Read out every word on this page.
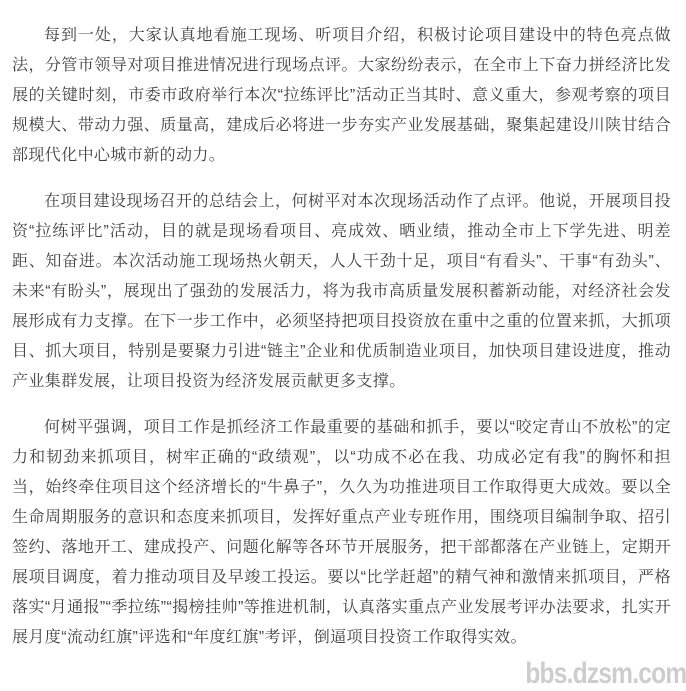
每到一处，大家认真地看施工现场、听项目介绍，积极讨论项目建设中的特色亮点做法，分管市领导对项目推进情况进行现场点评。大家纷纷表示，在全市上下奋力拼经济比发展的关键时刻，市委市政府举行本次“拉练评比”活动正当其时、意义重大，参观考察的项目规模大、带动力强、质量高，建成后必将进一步夯实产业发展基础，聚集起建设川陕甘结合部现代化中心城市新的动力。

在项目建设现场召开的总结会上，何树平对本次现场活动作了点评。他说，开展项目投资“拉练评比”活动，目的就是现场看项目、亮成效、晒业绩，推动全市上下学先进、明差距、知奋进。本次活动施工现场热火朝天，人人干劲十足，项目“有看头”、干事“有劲头”、未来“有盼头”，展现出了强劲的发展活力，将为我市高质量发展积蓄新动能，对经济社会发展形成有力支撑。在下一步工作中，必须坚持把项目投资放在重中之重的位置来抓，大抓项目、抓大项目，特别是要聚力引进“链主”企业和优质制造业项目，加快项目建设进度，推动产业集群发展，让项目投资为经济发展贡献更多支撑。

何树平强调，项目工作是抓经济工作最重要的基础和抓手，要以“咬定青山不放松”的定力和韧劲来抓项目，树牢正确的“政绩观”，以“功成不必在我、功成必定有我”的胸怀和担当，始终牵住项目这个经济增长的“牛鼻子”，久久为功推进项目工作取得更大成效。要以全生命周期服务的意识和态度来抓项目，发挥好重点产业专班作用，围绕项目编制争取、招引签约、落地开工、建成投产、问题化解等各环节开展服务，把干部都落在产业链上，定期开展项目调度，着力推动项目及早竣工投运。要以“比学赶超”的精气神和激情来抓项目，严格落实“月通报”“季拉练”“揭榜挂帅”等推进机制，认真落实重点产业发展考评办法要求，扎实开展月度“流动红旗”评选和“年度红旗”考评，倒逼项目投资工作取得实效。

bbs.dzsm.com
